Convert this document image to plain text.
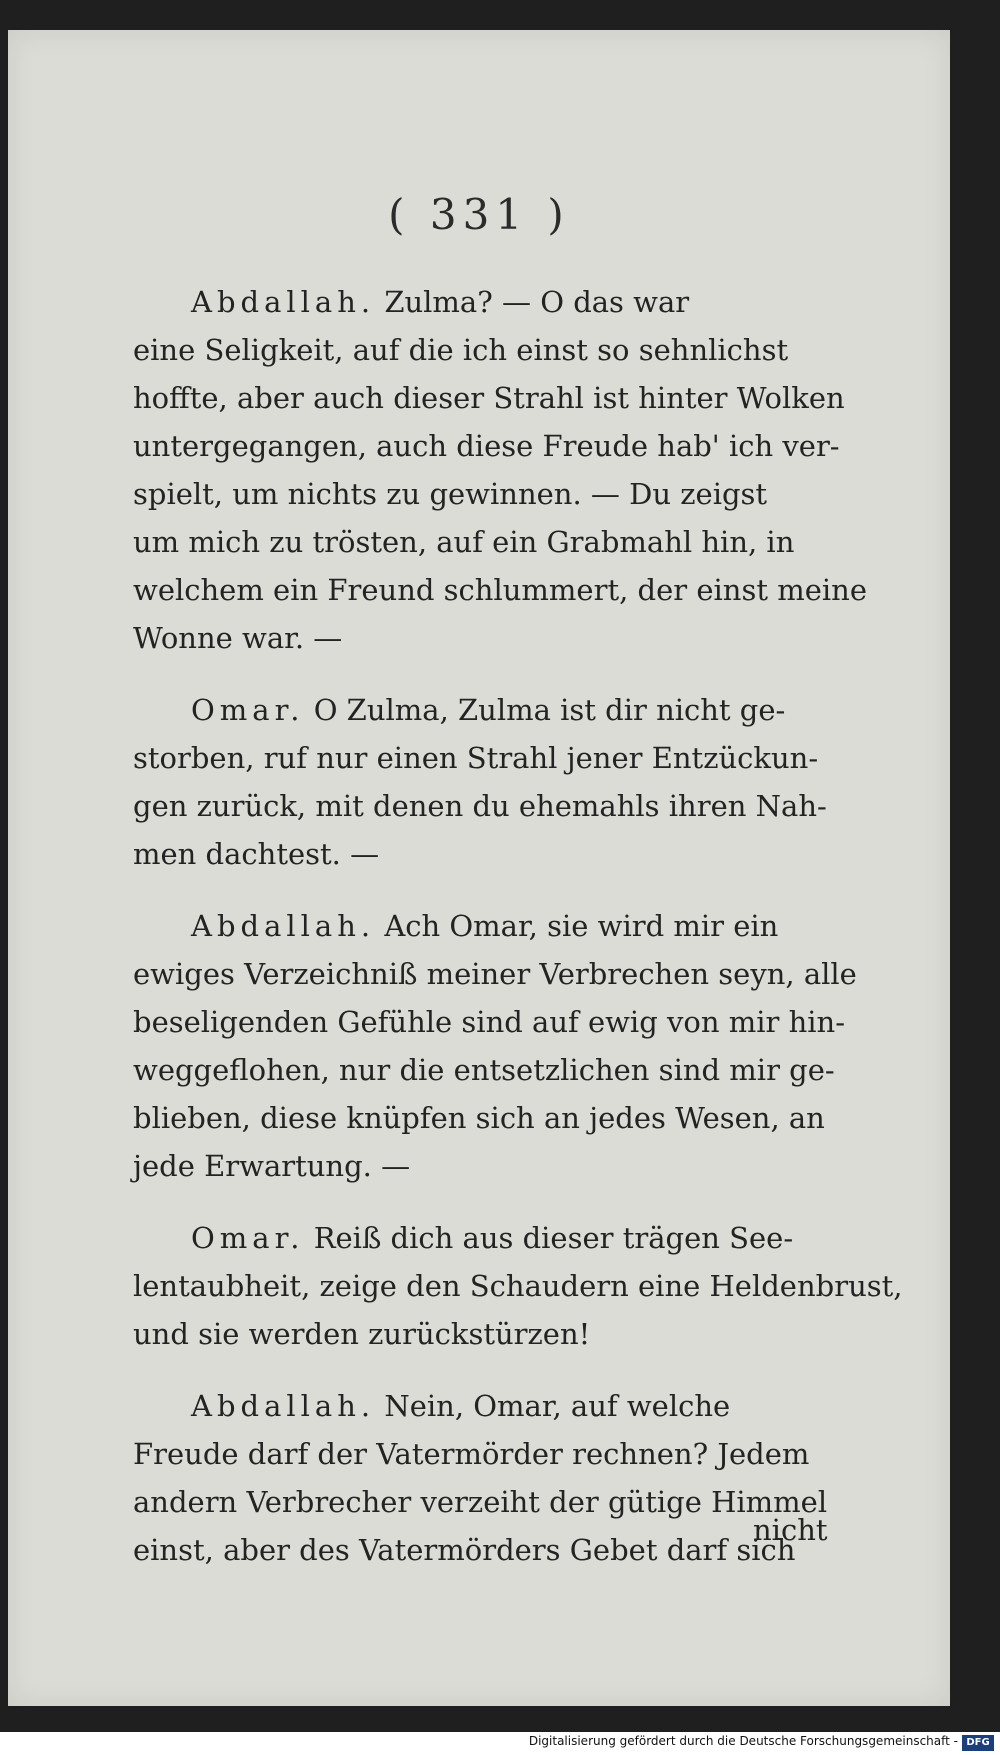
( 331 )
Abdallah. Zulma? — O das war
eine Seligkeit, auf die ich einst so sehnlichst
hoffte, aber auch dieser Strahl ist hinter Wolken
untergegangen, auch diese Freude hab' ich ver-
spielt, um nichts zu gewinnen. — Du zeigst
um mich zu trösten, auf ein Grabmahl hin, in
welchem ein Freund schlummert, der einst meine
Wonne war. —
Omar. O Zulma, Zulma ist dir nicht ge-
storben, ruf nur einen Strahl jener Entzückun-
gen zurück, mit denen du ehemahls ihren Nah-
men dachtest. —
Abdallah. Ach Omar, sie wird mir ein
ewiges Verzeichniß meiner Verbrechen seyn, alle
beseligenden Gefühle sind auf ewig von mir hin-
weggeflohen, nur die entsetzlichen sind mir ge-
blieben, diese knüpfen sich an jedes Wesen, an
jede Erwartung. —
Omar. Reiß dich aus dieser trägen See-
lentaubheit, zeige den Schaudern eine Heldenbrust,
und sie werden zurückstürzen!
Abdallah. Nein, Omar, auf welche
Freude darf der Vatermörder rechnen? Jedem
andern Verbrecher verzeiht der gütige Himmel
einst, aber des Vatermörders Gebet darf sich
nicht
Digitalisierung gefördert durch die Deutsche Forschungsgemeinschaft - DFG
